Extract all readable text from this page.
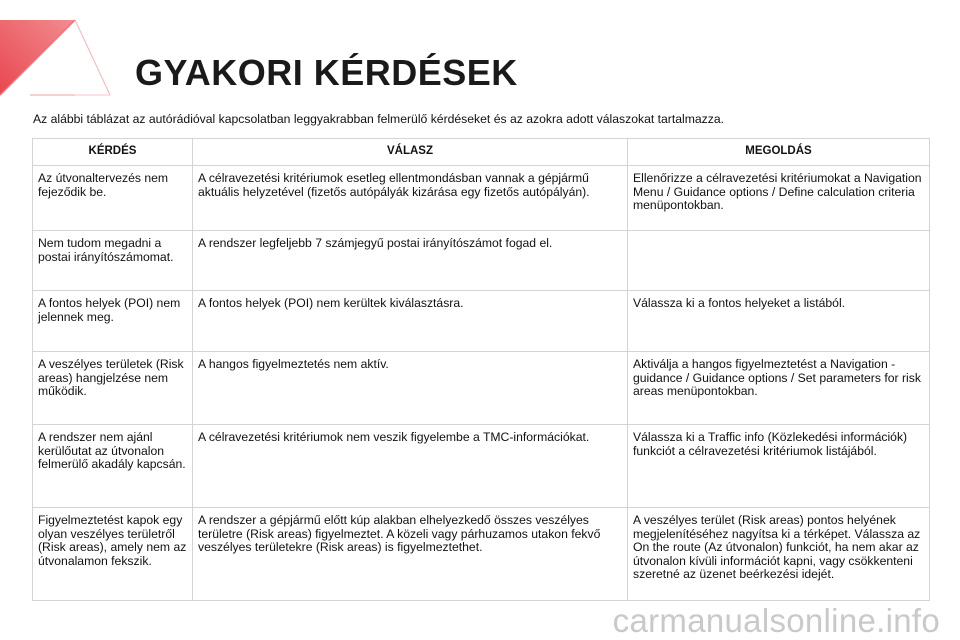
GYAKORI KÉRDÉSEK
Az alábbi táblázat az autórádióval kapcsolatban leggyakrabban felmerülő kérdéseket és az azokra adott válaszokat tartalmazza.
KÉRDÉS	VÁLASZ	MEGOLDÁS
Az útvonaltervezés nem fejeződik be.	A célravezetési kritériumok esetleg ellentmondásban vannak a gépjármű aktuális helyzetével (fizetős autópályák kizárása egy fizetős autópályán).	Ellenőrizze a célravezetési kritériumokat a Navigation Menu / Guidance options / Define calculation criteria menüpontokban.
Nem tudom megadni a postai irányítószámomat.	A rendszer legfeljebb 7 számjegyű postai irányítószámot fogad el.	
A fontos helyek (POI) nem jelennek meg.	A fontos helyek (POI) nem kerültek kiválasztásra.	Válassza ki a fontos helyeket a listából.
A veszélyes területek (Risk areas) hangjelzése nem működik.	A hangos figyelmeztetés nem aktív.	Aktiválja a hangos figyelmeztetést a Navigation - guidance / Guidance options / Set parameters for risk areas menüpontokban.
A rendszer nem ajánl kerülőutat az útvonalon felmerülő akadály kapcsán.	A célravezetési kritériumok nem veszik figyelembe a TMC-információkat.	Válassza ki a Traffic info (Közlekedési információk) funkciót a célravezetési kritériumok listájából.
Figyelmeztetést kapok egy olyan veszélyes területről (Risk areas), amely nem az útvonalamon fekszik.	A rendszer a gépjármű előtt kúp alakban elhelyezkedő összes veszélyes területre (Risk areas) figyelmeztet. A közeli vagy párhuzamos utakon fekvő veszélyes területekre (Risk areas) is figyelmeztethet.	A veszélyes terület (Risk areas) pontos helyének megjelenítéséhez nagyítsa ki a térképet. Válassza az On the route (Az útvonalon) funkciót, ha nem akar az útvonalon kívüli információt kapni, vagy csökkenteni szeretné az üzenet beérkezési idejét.
carmanualsonline.info
